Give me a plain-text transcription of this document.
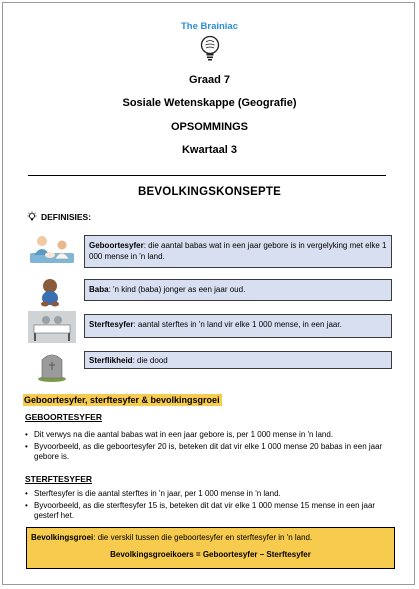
The Brainiac
Graad 7
Sosiale Wetenskappe (Geografie)
OPSOMMINGS
Kwartaal 3
BEVOLKINGSKONSEPTE
DEFINISIES:
Geboortesyfer: die aantal babas wat in een jaar gebore is in vergelyking met elke 1 000 mense in 'n land.
Baba: 'n kind (baba) jonger as een jaar oud.
Sterftesyfer: aantal sterftes in 'n land vir elke 1 000 mense, in een jaar.
Sterflikheid: die dood
Geboortesyfer, sterftesyfer & bevolkingsgroei
GEBOORTESYFER
• Dit verwys na die aantal babas wat in een jaar gebore is, per 1 000 mense in 'n land.
• Byvoorbeeld, as die geboortesyfer 20 is, beteken dit dat vir elke 1 000 mense 20 babas in een jaar gebore is.
STERFTESYFER
• Sterftesyfer is die aantal sterftes in 'n jaar, per 1 000 mense in 'n land.
• Byvoorbeeld, as die sterftesyfer 15 is, beteken dit dat vir elke 1 000 mense 15 mense in een jaar gesterf het.
Bevolkingsgroei: die verskil tussen die geboortesyfer en sterftesyfer in 'n land.
Bevolkingsgroeikoers = Geboortesyfer – Sterftesyfer
